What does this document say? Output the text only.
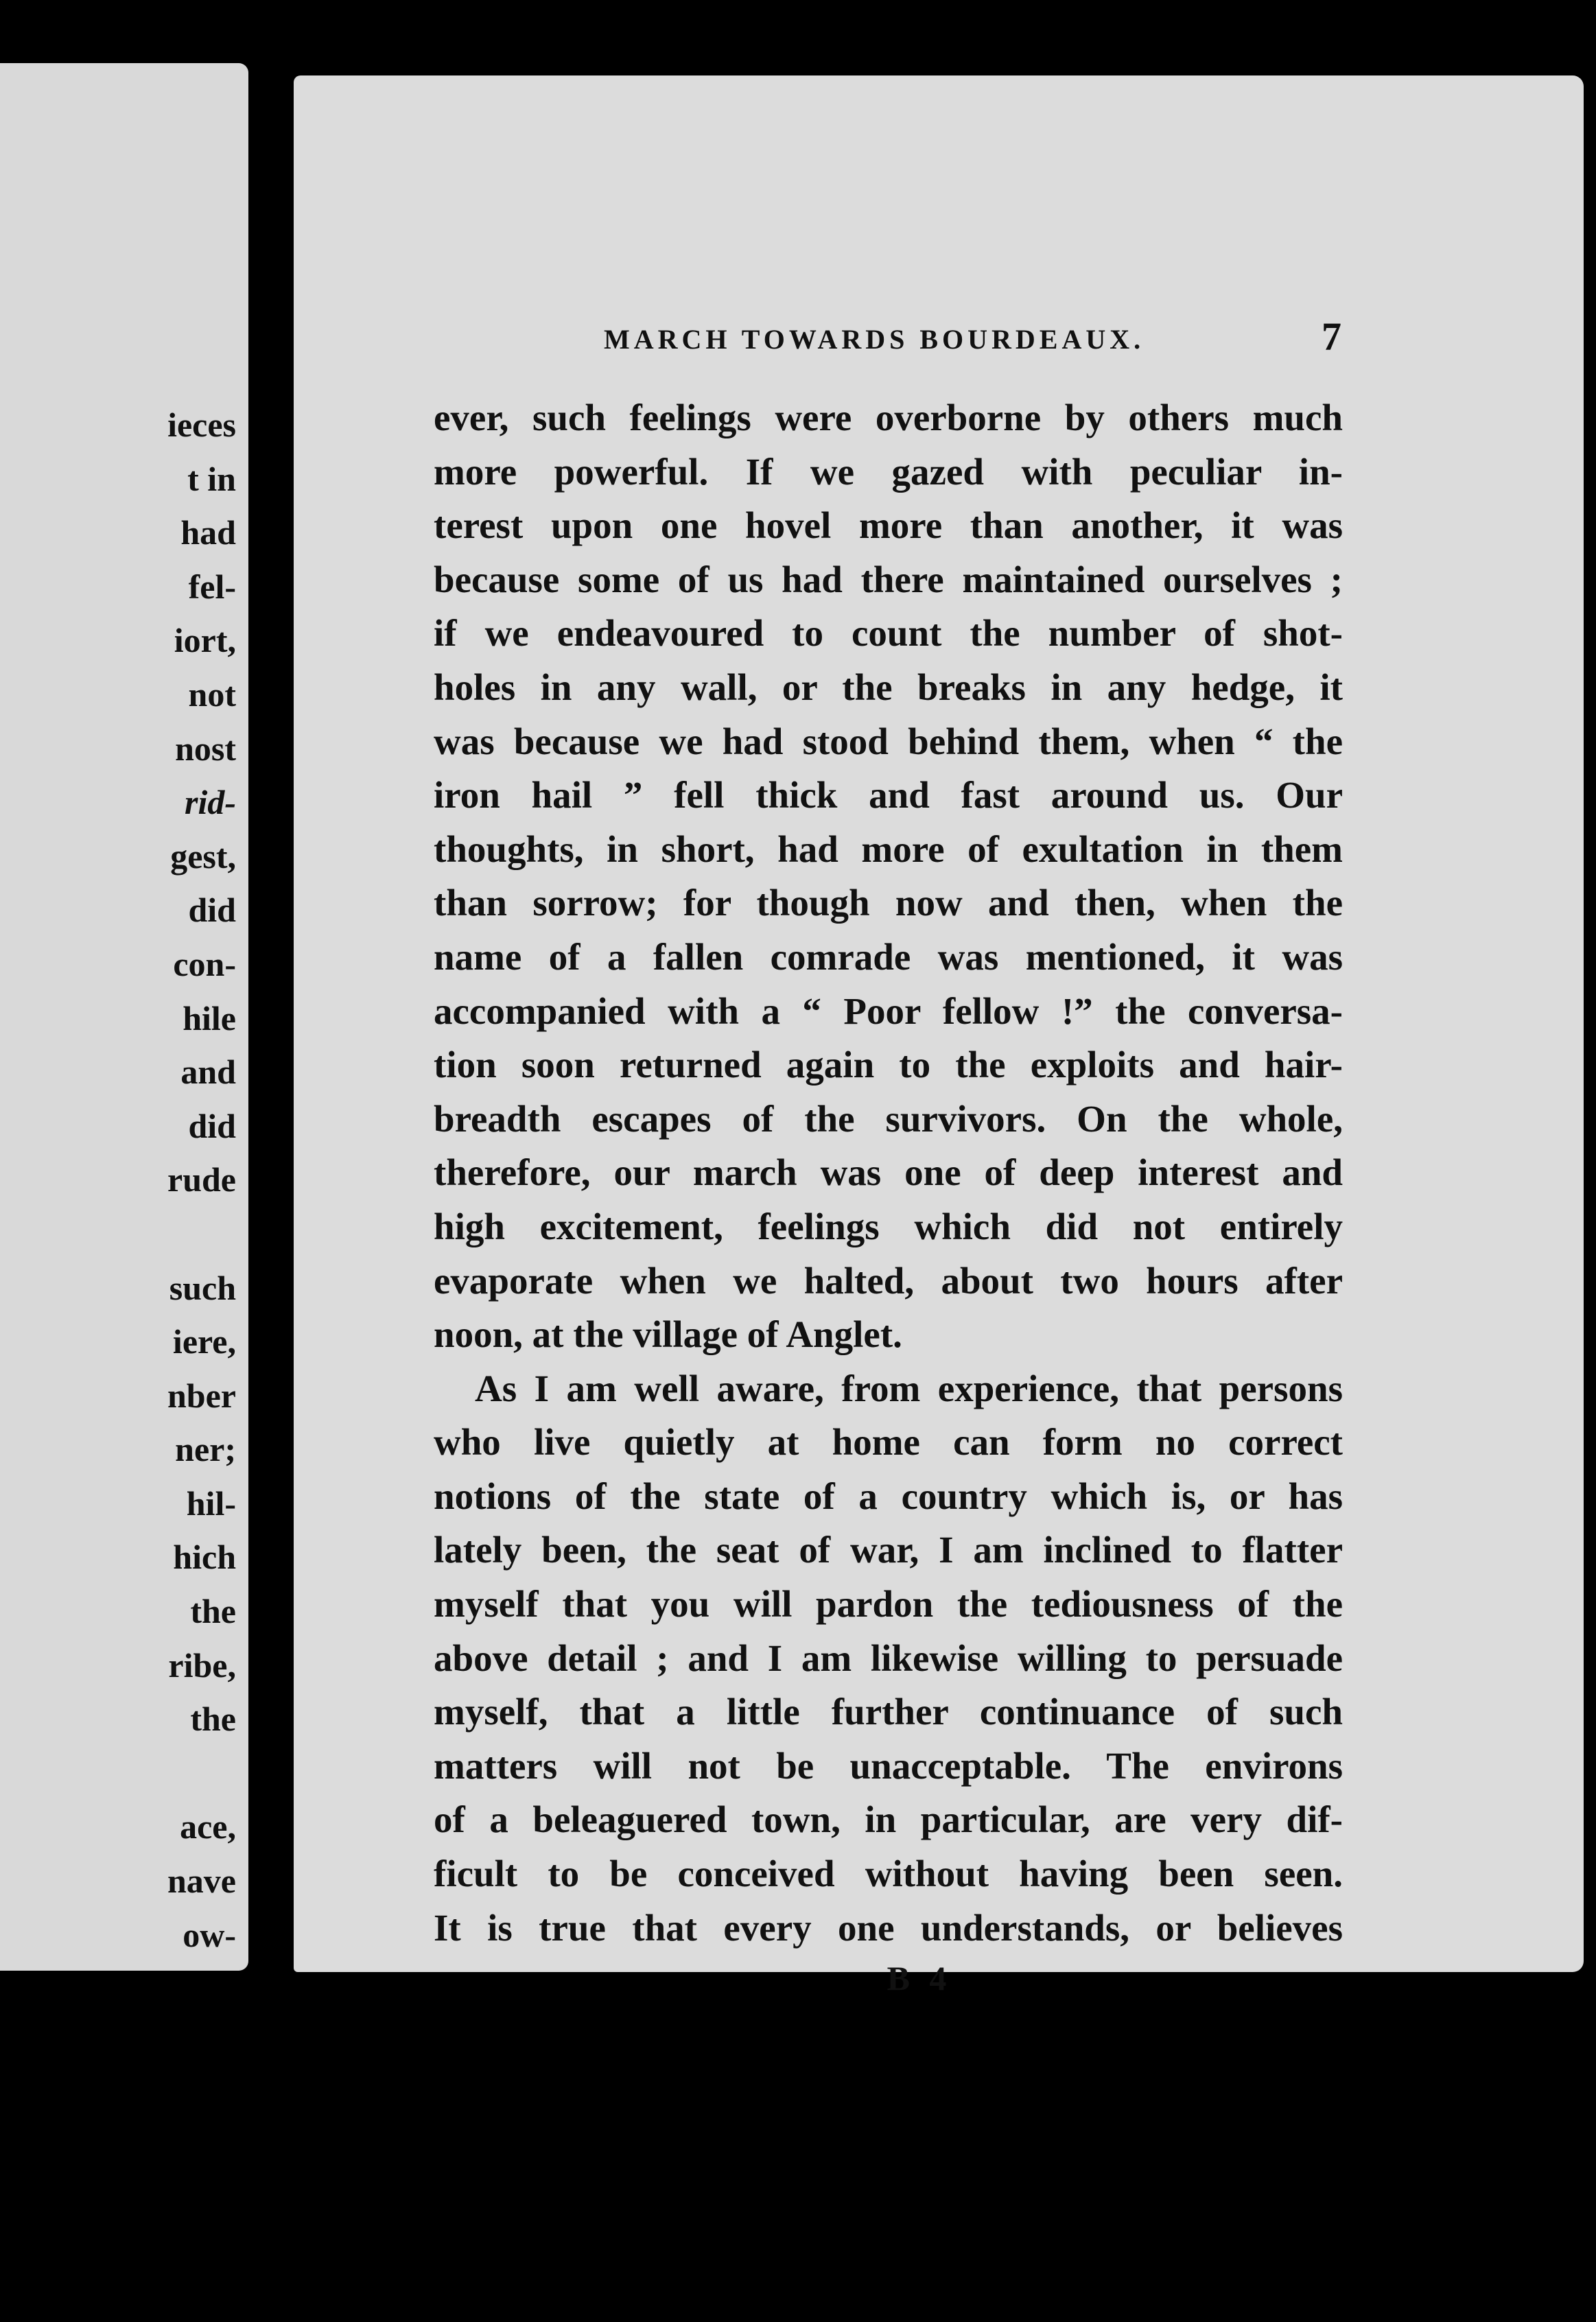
ieces
t in
had
fel-
iort,
not
nost
rid-
gest,
did
con-
hile
and
did
rude
such
iere,
nber
ner;
hil-
hich
the
ribe,
the
ace,
nave
ow-
MARCH TOWARDS BOURDEAUX.	7
ever, such feelings were overborne by others much
more powerful. If we gazed with peculiar in-
terest upon one hovel more than another, it was
because some of us had there maintained ourselves ;
if we endeavoured to count the number of shot-
holes in any wall, or the breaks in any hedge, it
was because we had stood behind them, when “ the
iron hail ” fell thick and fast around us. Our
thoughts, in short, had more of exultation in them
than sorrow; for though now and then, when the
name of a fallen comrade was mentioned, it was
accompanied with a “ Poor fellow !” the conversa-
tion soon returned again to the exploits and hair-
breadth escapes of the survivors. On the whole,
therefore, our march was one of deep interest and
high excitement, feelings which did not entirely
evaporate when we halted, about two hours after
noon, at the village of Anglet.
As I am well aware, from experience, that persons
who live quietly at home can form no correct
notions of the state of a country which is, or has
lately been, the seat of war, I am inclined to flatter
myself that you will pardon the tediousness of the
above detail ; and I am likewise willing to persuade
myself, that a little further continuance of such
matters will not be unacceptable. The environs
of a beleaguered town, in particular, are very dif-
ficult to be conceived without having been seen.
It is true that every one understands, or believes
B 4
